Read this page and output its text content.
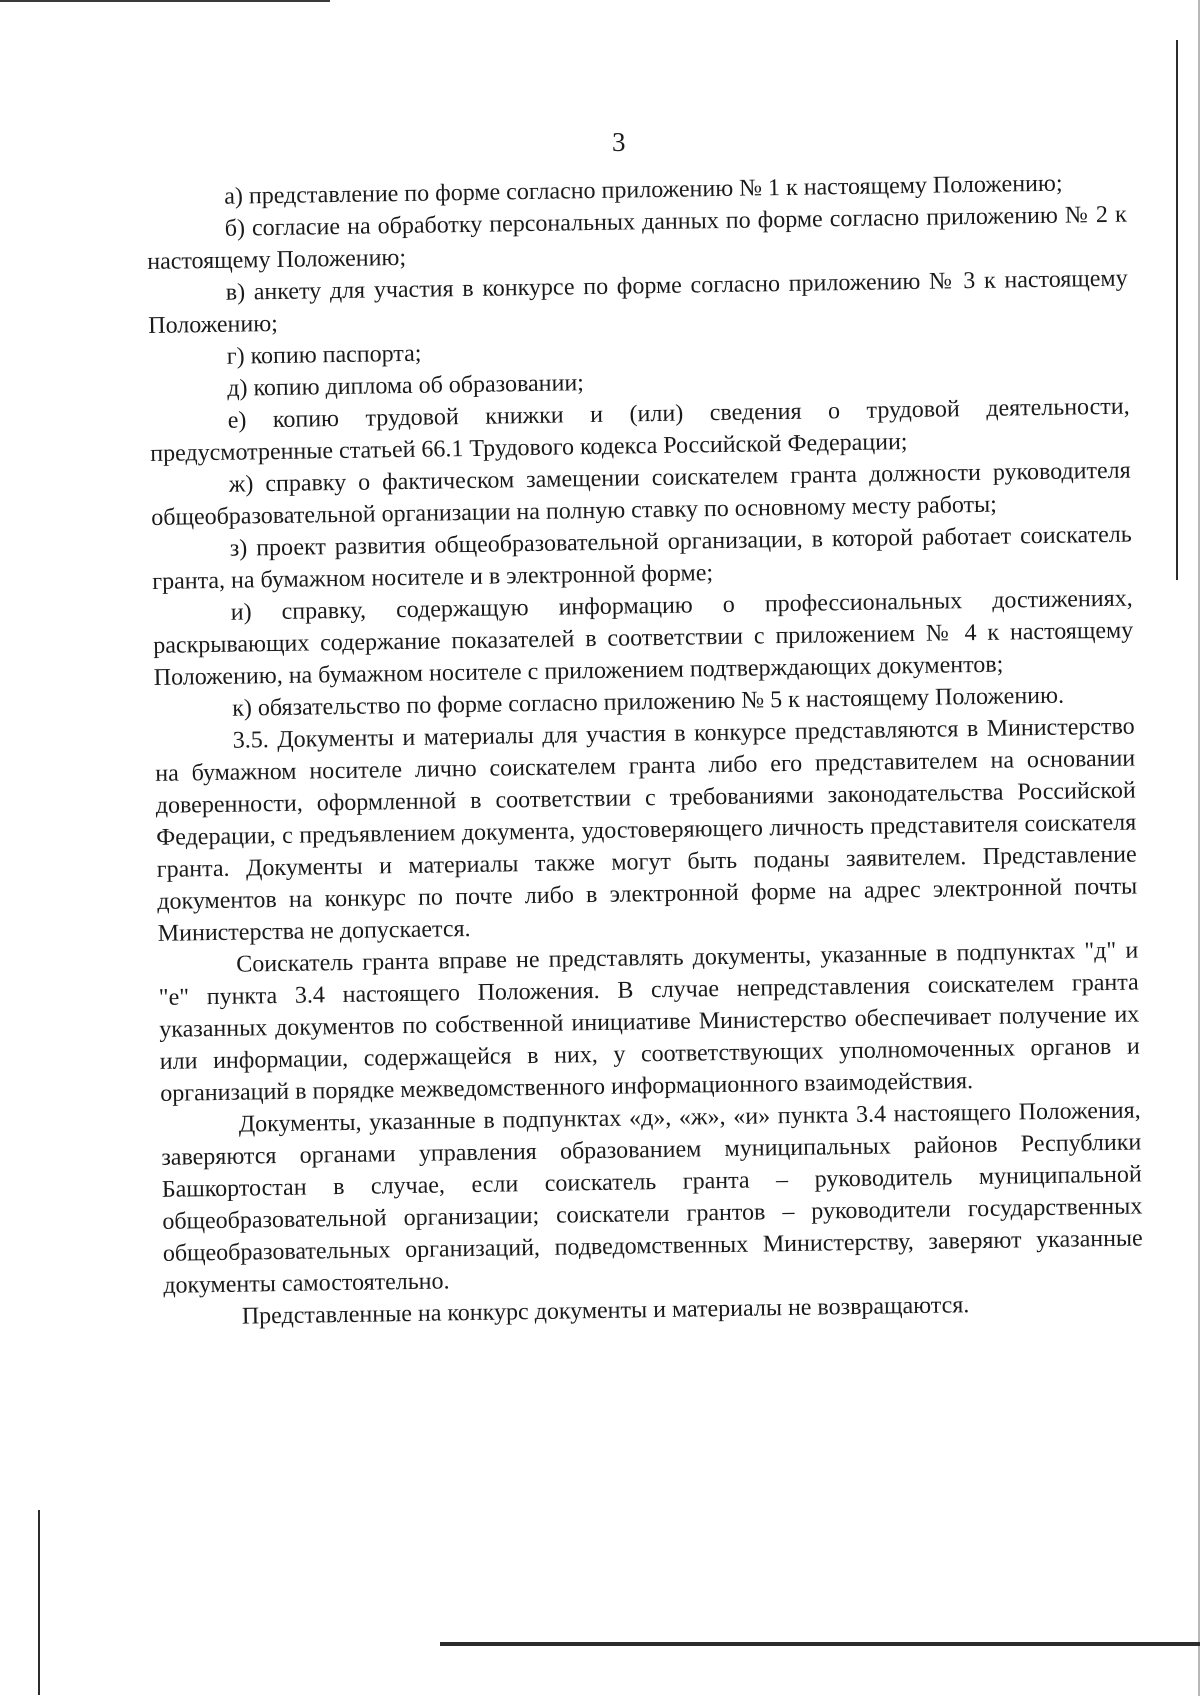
3

а) представление по форме согласно приложению № 1 к настоящему Положению;

б) согласие на обработку персональных данных по форме согласно приложению № 2 к настоящему Положению;

в) анкету для участия в конкурсе по форме согласно приложению № 3 к настоящему Положению;

г) копию паспорта;

д) копию диплома об образовании;

е) копию трудовой книжки и (или) сведения о трудовой деятельности, предусмотренные статьей 66.1 Трудового кодекса Российской Федерации;

ж) справку о фактическом замещении соискателем гранта должности руководителя общеобразовательной организации на полную ставку по основному месту работы;

з) проект развития общеобразовательной организации, в которой работает соискатель гранта, на бумажном носителе и в электронной форме;

и) справку, содержащую информацию о профессиональных достижениях, раскрывающих содержание показателей в соответствии с приложением № 4 к настоящему Положению, на бумажном носителе с приложением подтверждающих документов;

к) обязательство по форме согласно приложению № 5 к настоящему Положению.

3.5. Документы и материалы для участия в конкурсе представляются в Министерство на бумажном носителе лично соискателем гранта либо его представителем на основании доверенности, оформленной в соответствии с требованиями законодательства Российской Федерации, с предъявлением документа, удостоверяющего личность представителя соискателя гранта. Документы и материалы также могут быть поданы заявителем. Представление документов на конкурс по почте либо в электронной форме на адрес электронной почты Министерства не допускается.

Соискатель гранта вправе не представлять документы, указанные в подпунктах "д" и "е" пункта 3.4 настоящего Положения. В случае непредставления соискателем гранта указанных документов по собственной инициативе Министерство обеспечивает получение их или информации, содержащейся в них, у соответствующих уполномоченных органов и организаций в порядке межведомственного информационного взаимодействия.

Документы, указанные в подпунктах «д», «ж», «и» пункта 3.4 настоящего Положения, заверяются органами управления образованием муниципальных районов Республики Башкортостан в случае, если соискатель гранта – руководитель муниципальной общеобразовательной организации; соискатели грантов – руководители государственных общеобразовательных организаций, подведомственных Министерству, заверяют указанные документы самостоятельно.

Представленные на конкурс документы и материалы не возвращаются.
